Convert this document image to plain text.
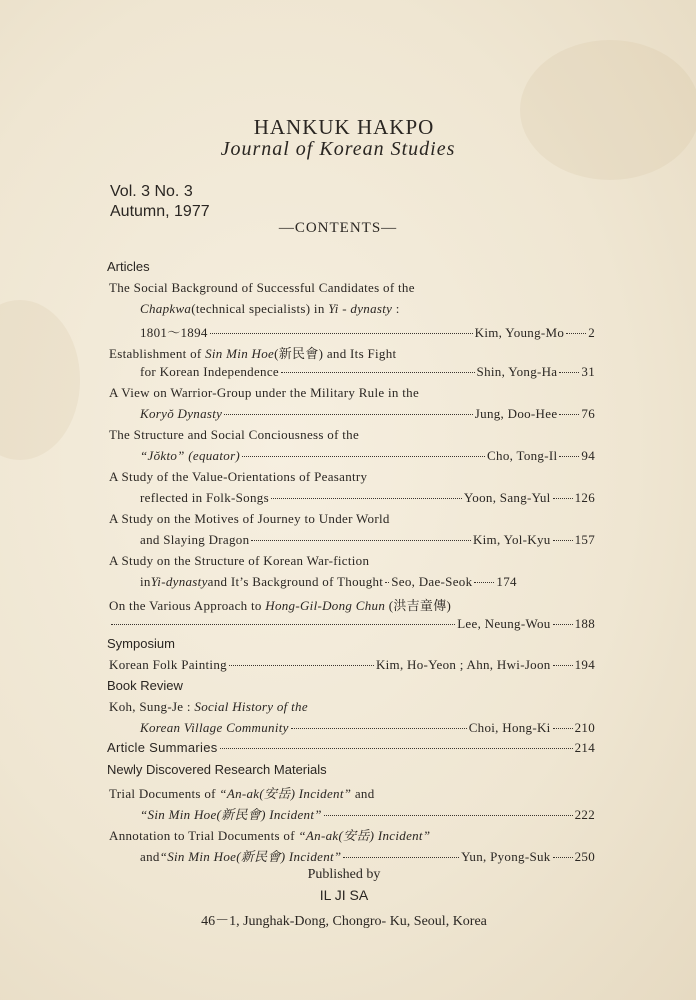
HANKUK HAKPO
Journal of Korean Studies
Vol. 3 No. 3
Autumn, 1977
—CONTENTS—
Articles
The Social Background of Successful Candidates of the
Chapkwa(technical specialists) in Yi - dynasty :
1801～1894	Kim, Young-Mo 2
Establishment of Sin Min Hoe(新民會) and Its Fight
for Korean Independence	Shin, Yong-Ha 31
A View on Warrior-Group under the Military Rule in the
Koryŏ Dynasty	Jung, Doo-Hee 76
The Structure and Social Conciousness of the
“Jŏkto” (equator)	Cho, Tong-Il 94
A Study of the Value-Orientations of Peasantry
reflected in Folk-Songs	Yoon, Sang-Yul 126
A Study on the Motives of Journey to Under World
and Slaying Dragon	Kim, Yol-Kyu 157
A Study on the Structure of Korean War-fiction
in Yi-dynasty and It’s Background of Thought Seo, Dae-Seok 174
On the Various Approach to Hong-Gil-Dong Chun (洪吉童傳)
Lee, Neung-Wou 188
Symposium
Korean Folk Painting	Kim, Ho-Yeon ; Ahn, Hwi-Joon 194
Book Review
Koh, Sung-Je : Social History of the
Korean Village Community	Choi, Hong-Ki 210
Article Summaries	214
Newly Discovered Research Materials
Trial Documents of “An-ak(安岳) Incident” and
“Sin Min Hoe(新民會) Incident”	222
Annotation to Trial Documents of “An-ak(安岳) Incident”
and “Sin Min Hoe(新民會) Incident”	Yun, Pyong-Suk 250
Published by
IL JI SA
46－1, Junghak-Dong, Chongro- Ku, Seoul, Korea
